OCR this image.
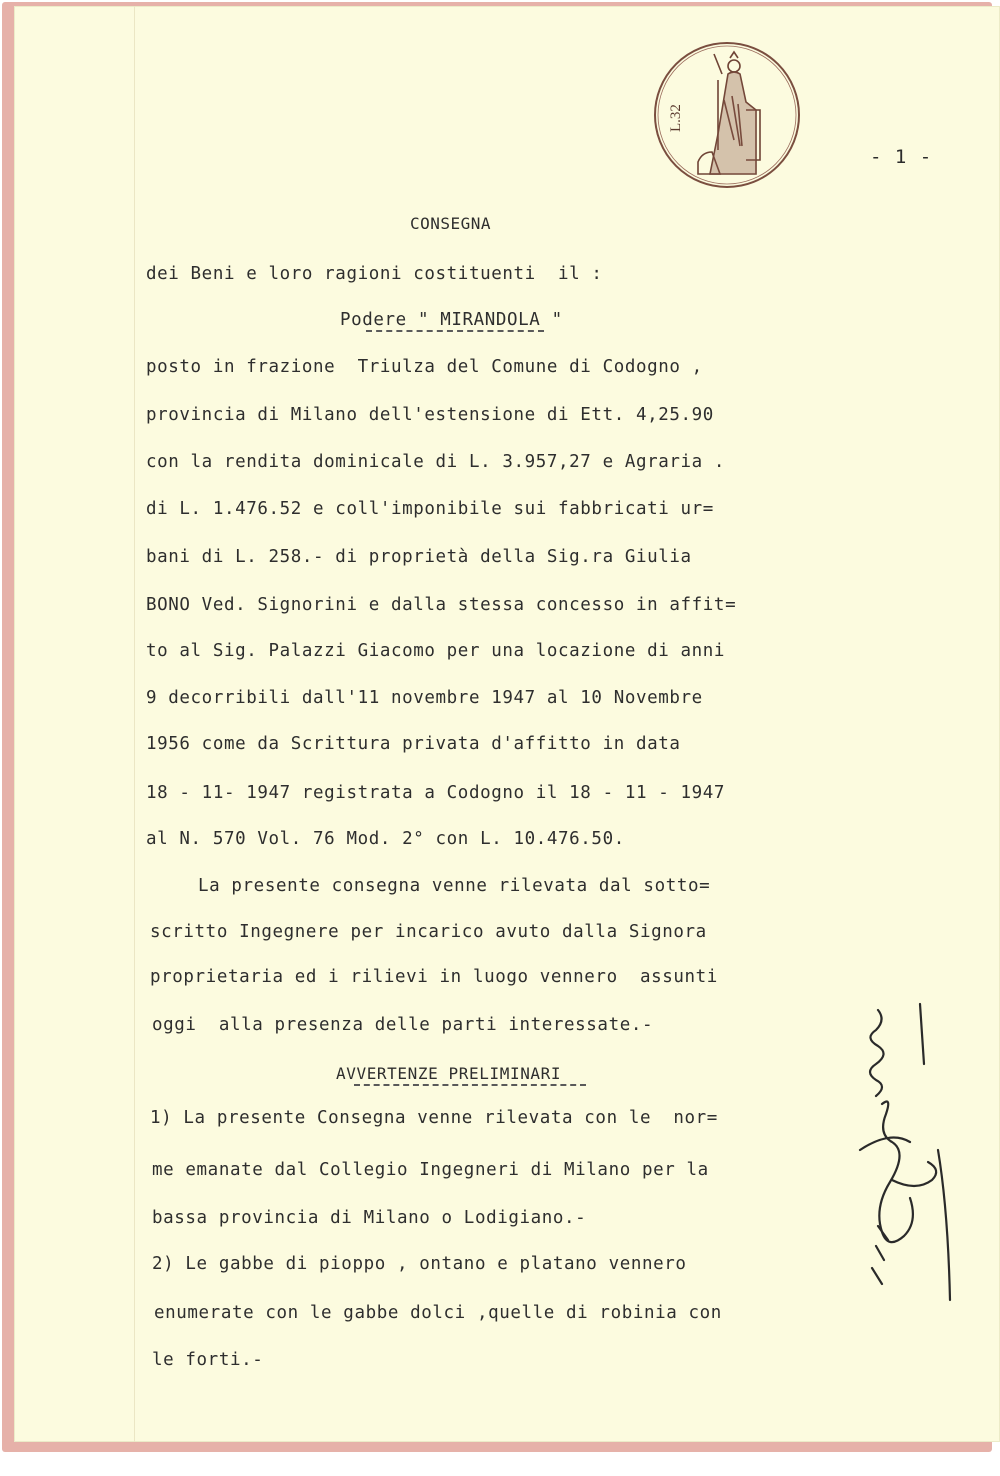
L.32
- 1 -
CONSEGNA
dei Beni e loro ragioni costituenti  il :
Podere " MIRANDOLA "
posto in frazione  Triulza del Comune di Codogno ,
provincia di Milano dell'estensione di Ett. 4,25.90
con la rendita dominicale di L. 3.957,27 e Agraria .
di L. 1.476.52 e coll'imponibile sui fabbricati ur=
bani di L. 258.- di proprietà della Sig.ra Giulia
BONO Ved. Signorini e dalla stessa concesso in affit=
to al Sig. Palazzi Giacomo per una locazione di anni
9 decorribili dall'11 novembre 1947 al 10 Novembre
1956 come da Scrittura privata d'affitto in data
18 - 11- 1947 registrata a Codogno il 18 - 11 - 1947
al N. 570 Vol. 76 Mod. 2° con L. 10.476.50.
La presente consegna venne rilevata dal sotto=
scritto Ingegnere per incarico avuto dalla Signora
proprietaria ed i rilievi in luogo vennero  assunti
oggi  alla presenza delle parti interessate.-
AVVERTENZE PRELIMINARI
1) La presente Consegna venne rilevata con le  nor=
me emanate dal Collegio Ingegneri di Milano per la
bassa provincia di Milano o Lodigiano.-
2) Le gabbe di pioppo , ontano e platano vennero
enumerate con le gabbe dolci ,quelle di robinia con
le forti.-
